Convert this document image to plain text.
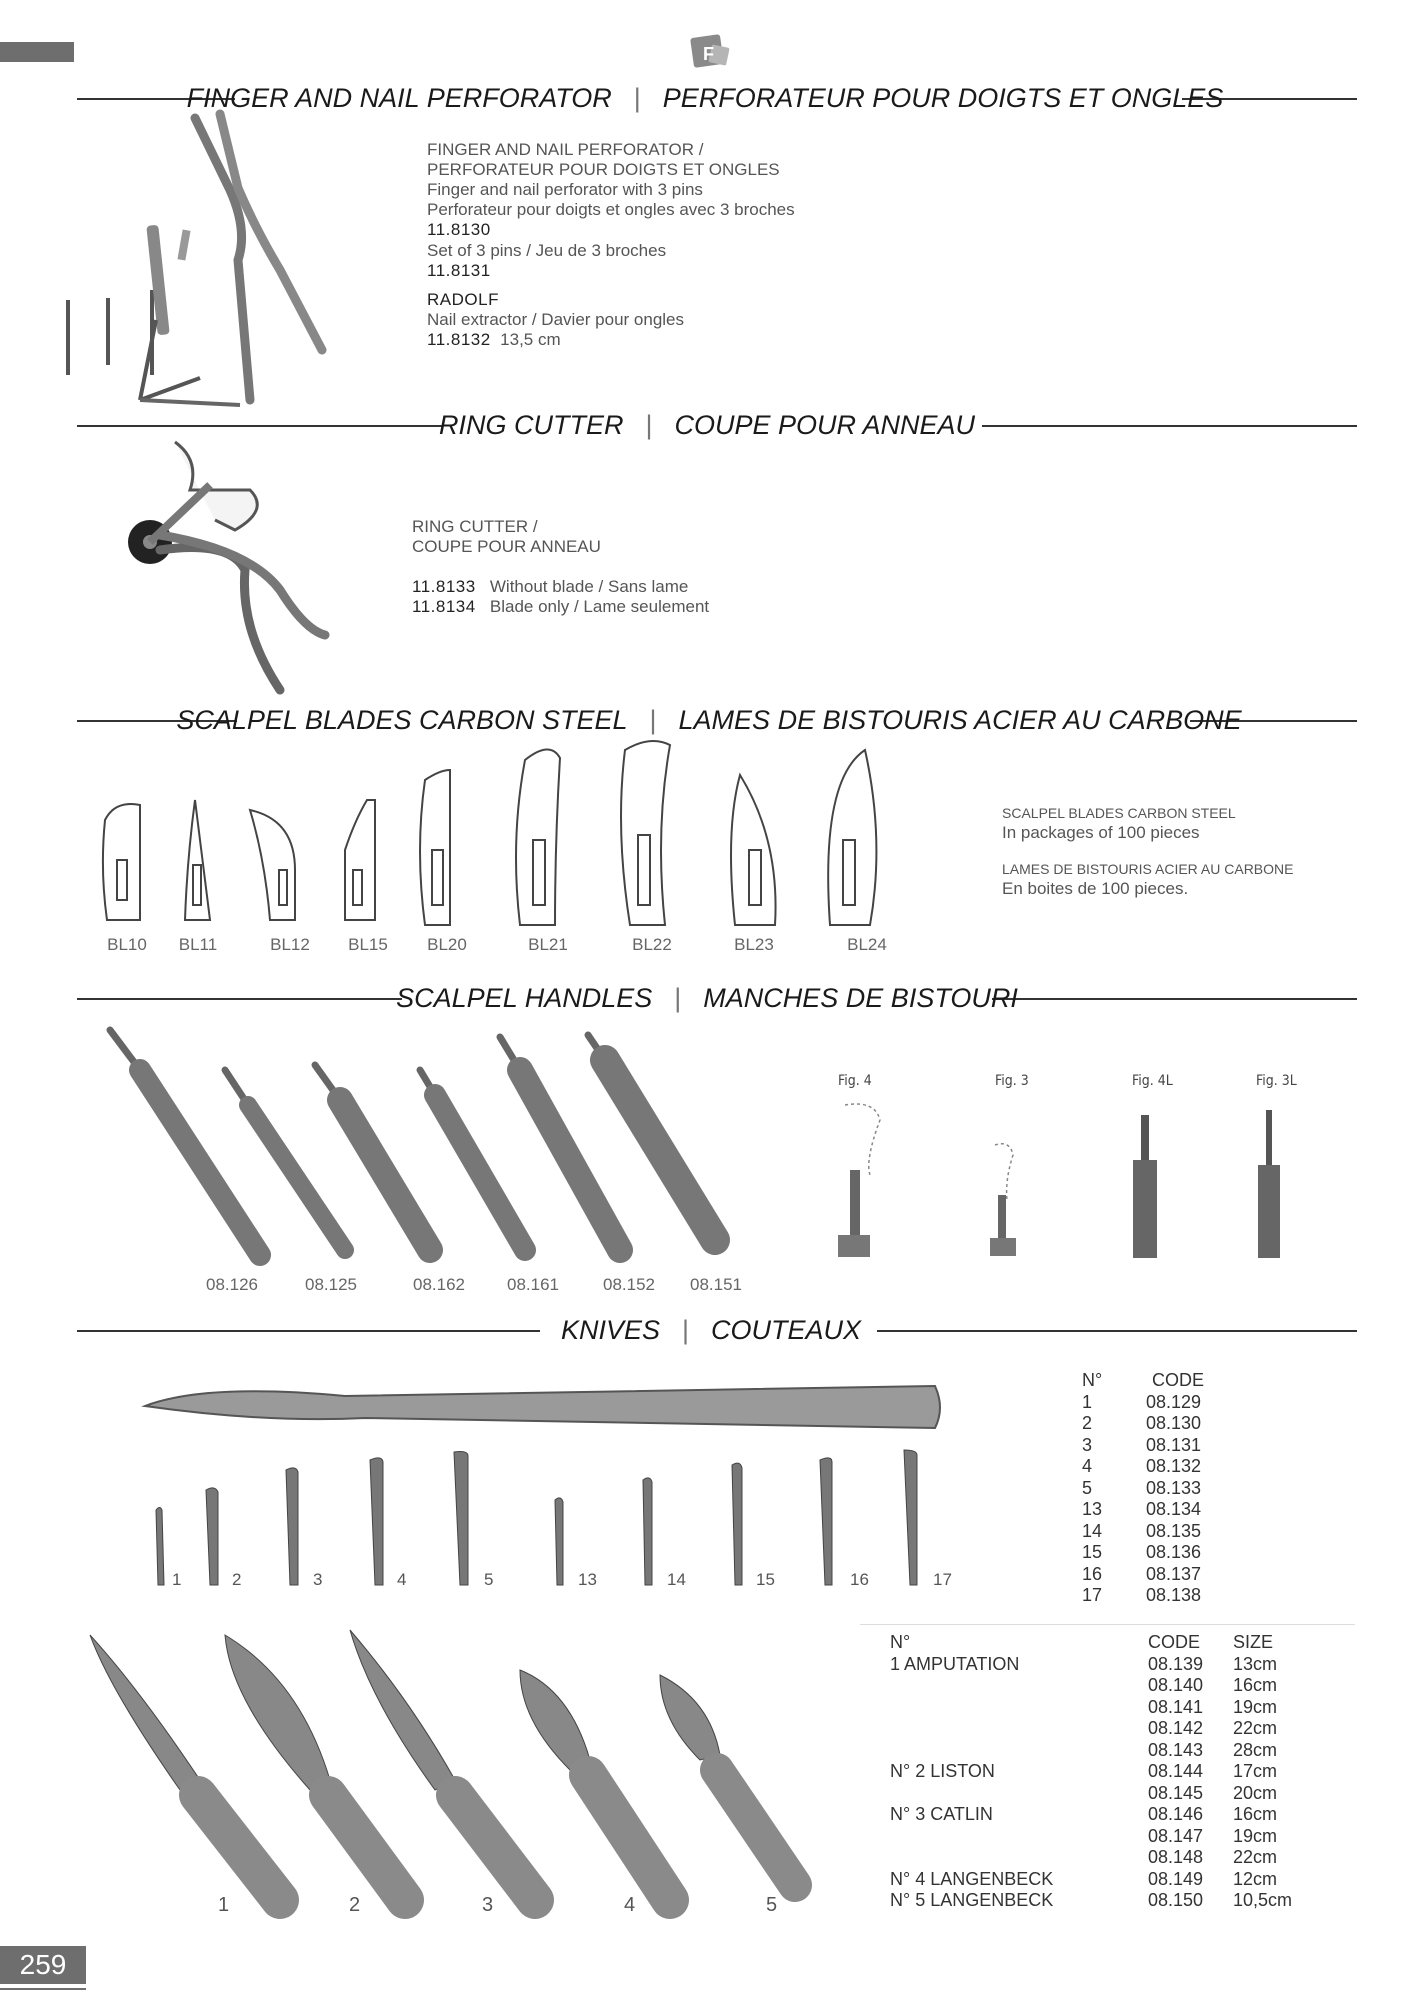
F
FINGER AND NAIL PERFORATOR | PERFORATEUR POUR DOIGTS ET ONGLES
FINGER AND NAIL PERFORATOR /
PERFORATEUR POUR DOIGTS ET ONGLES
Finger and nail perforator with 3 pins
Perforateur pour doigts et ongles avec 3 broches
11.8130
Set of 3 pins / Jeu de 3 broches
11.8131
RADOLF
Nail extractor / Davier pour ongles
11.8132 13,5 cm
RING CUTTER | COUPE POUR ANNEAU
RING CUTTER /
COUPE POUR ANNEAU
11.8133 Without blade / Sans lame
11.8134 Blade only / Lame seulement
SCALPEL BLADES CARBON STEEL | LAMES DE BISTOURIS ACIER AU CARBONE
BL10	BL11	BL12	BL15	BL20	BL21	BL22	BL23	BL24
SCALPEL BLADES CARBON STEEL
In packages of 100 pieces
LAMES DE BISTOURIS ACIER AU CARBONE
En boites de 100 pieces.
SCALPEL HANDLES | MANCHES DE BISTOURI
08.126	08.125	08.162	08.161	08.152	08.151
Fig. 4	Fig. 3	Fig. 4L	Fig. 3L
KNIVES | COUTEAUX
1	2	3	4	5	13	14	15	16	17
N°	CODE
1	08.129
2	08.130
3	08.131
4	08.132
5	08.133
13	08.134
14	08.135
15	08.136
16	08.137
17	08.138
1	2	3	4	5
N°	CODE	SIZE
1 AMPUTATION	08.139	13cm
08.140	16cm
08.141	19cm
08.142	22cm
08.143	28cm
N° 2 LISTON	08.144	17cm
08.145	20cm
N° 3 CATLIN	08.146	16cm
08.147	19cm
08.148	22cm
N° 4 LANGENBECK	08.149	12cm
N° 5 LANGENBECK	08.150	10,5cm
259
